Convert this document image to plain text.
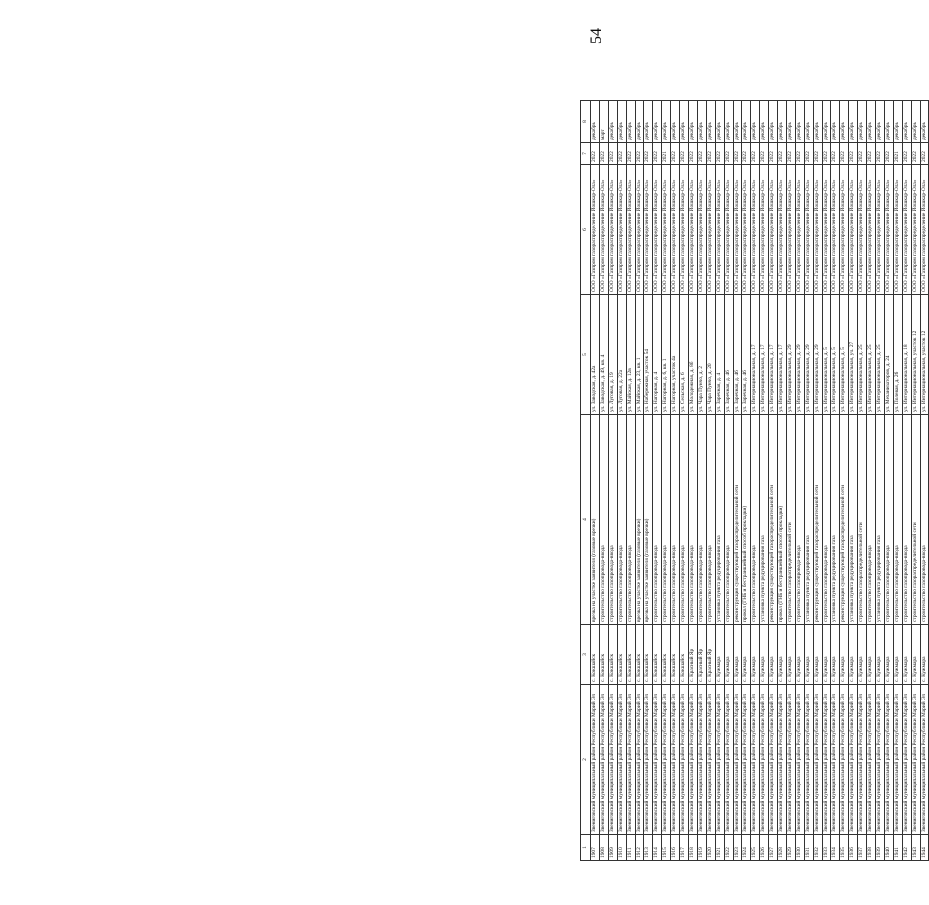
54
1	2	3	4	5	6	7	8
1907	Звениговский муниципальный район Республики Марий Эл	с. Кокшайск	врезка на участке заявителя (газовые врезки)	ул. Заводская, д. 42а	ООО «Газпром газораспределение Йошкар-Ола»	2022	декабрь
1908	Звениговский муниципальный район Республики Марий Эл	с. Кокшайск	строительство газопровода-ввода	ул. Заводская, д. 49, кв. 4	ООО «Газпром газораспределение Йошкар-Ола»	2022	март
1909	Звениговский муниципальный район Республики Марий Эл	с. Кокшайск	строительство газопровода-ввода	ул. Луговая, д. 19	ООО «Газпром газораспределение Йошкар-Ола»	2022	декабрь
1910	Звениговский муниципальный район Республики Марий Эл	с. Кокшайск	строительство газопровода-ввода	ул. Луговая, д. 22а	ООО «Газпром газораспределение Йошкар-Ола»	2022	декабрь
1911	Звениговский муниципальный район Республики Марий Эл	с. Кокшайск	строительство газопровода-ввода	ул. Майская, д. 12в	ООО «Газпром газораспределение Йошкар-Ола»	2022	декабрь
1912	Звениговский муниципальный район Республики Марий Эл	с. Кокшайск	врезка на участке заявителя (газовые врезки)	ул. Майская, д. 23, кв. 1	ООО «Газпром газораспределение Йошкар-Ола»	2022	декабрь
1913	Звениговский муниципальный район Республики Марий Эл	с. Кокшайск	врезка на участке заявителя (газовые врезки)	ул. Набережная, участок 54	ООО «Газпром газораспределение Йошкар-Ола»	2022	декабрь
1914	Звениговский муниципальный район Республики Марий Эл	с. Кокшайск	строительство газопровода-ввода	ул. Нагорная, д. 4	ООО «Газпром газораспределение Йошкар-Ола»	2022	декабрь
1915	Звениговский муниципальный район Республики Марий Эл	с. Кокшайск	строительство газопровода-ввода	ул. Нагорная, д. 6, кв. 1	ООО «Газпром газораспределение Йошкар-Ола»	2021	декабрь
1916	Звениговский муниципальный район Республики Марий Эл	с. Кокшайск	строительство газопровода-ввода	ул. Нагорная, участок 4а	ООО «Газпром газораспределение Йошкар-Ола»	2022	декабрь
1917	Звениговский муниципальный район Республики Марий Эл	с. Кокшайск	строительство газопровода-ввода	ул. Сельская, д. 6	ООО «Газпром газораспределение Йошкар-Ола»	2022	декабрь
1918	Звениговский муниципальный район Республики Марий Эл	с. Красный Яр	строительство газопровода-ввода	ул. Молодежная, д. 8б	ООО «Газпром газораспределение Йошкар-Ола»	2022	декабрь
1919	Звениговский муниципальный район Республики Марий Эл	с. Красный Яр	строительство газопровода-ввода	ул. Чара Пунчо, д. 2	ООО «Газпром газораспределение Йошкар-Ола»	2022	декабрь
1920	Звениговский муниципальный район Республики Марий Эл	с. Красный Яр	строительство газопровода-ввода	ул. Чара Пунчо, д. 20	ООО «Газпром газораспределение Йошкар-Ола»	2022	декабрь
1921	Звениговский муниципальный район Республики Марий Эл	с. Кужмара	установка пункта редуцирования газа	ул. Заречная, д. 4	ООО «Газпром газораспределение Йошкар-Ола»	2022	декабрь
1922	Звениговский муниципальный район Республики Марий Эл	с. Кужмара	строительство газопровода-ввода	ул. Заречная, д. 46	ООО «Газпром газораспределение Йошкар-Ола»	2022	декабрь
1923	Звениговский муниципальный район Республики Марий Эл	с. Кужмара	реконструкция существующей газораспределительной сети	ул. Заречная, д. 46	ООО «Газпром газораспределение Йошкар-Ола»	2022	декабрь
1924	Звениговский муниципальный район Республики Марий Эл	с. Кужмара	прокол (ГНБ и бестраншейный способ прокладки)	ул. Заречная, д. 46	ООО «Газпром газораспределение Йошкар-Ола»	2022	декабрь
1925	Звениговский муниципальный район Республики Марий Эл	с. Кужмара	строительство газопровода-ввода	ул. Интернациональная, д. 17	ООО «Газпром газораспределение Йошкар-Ола»	2022	декабрь
1926	Звениговский муниципальный район Республики Марий Эл	с. Кужмара	установка пункта редуцирования газа	ул. Интернациональная, д. 17	ООО «Газпром газораспределение Йошкар-Ола»	2022	декабрь
1927	Звениговский муниципальный район Республики Марий Эл	с. Кужмара	реконструкция существующей газораспределительной сети	ул. Интернациональная, д. 17	ООО «Газпром газораспределение Йошкар-Ола»	2022	декабрь
1928	Звениговский муниципальный район Республики Марий Эл	с. Кужмара	прокол (ГНБ и бестраншейный способ прокладки)	ул. Интернациональная, д. 17	ООО «Газпром газораспределение Йошкар-Ола»	2022	декабрь
1929	Звениговский муниципальный район Республики Марий Эл	с. Кужмара	строительство газораспределительной сети	ул. Интернациональная, д. 29	ООО «Газпром газораспределение Йошкар-Ола»	2022	декабрь
1930	Звениговский муниципальный район Республики Марий Эл	с. Кужмара	строительство газопровода-ввода	ул. Интернациональная, д. 29	ООО «Газпром газораспределение Йошкар-Ола»	2022	декабрь
1931	Звениговский муниципальный район Республики Марий Эл	с. Кужмара	установка пункта редуцирования газа	ул. Интернациональная, д. 29	ООО «Газпром газораспределение Йошкар-Ола»	2022	декабрь
1932	Звениговский муниципальный район Республики Марий Эл	с. Кужмара	реконструкция существующей газораспределительной сети	ул. Интернациональная, д. 29	ООО «Газпром газораспределение Йошкар-Ола»	2022	декабрь
1933	Звениговский муниципальный район Республики Марий Эл	с. Кужмара	строительство газопровода-ввода	ул. Интернациональная, д. 5	ООО «Газпром газораспределение Йошкар-Ола»	2022	декабрь
1934	Звениговский муниципальный район Республики Марий Эл	с. Кужмара	установка пункта редуцирования газа	ул. Интернациональная, д. 5	ООО «Газпром газораспределение Йошкар-Ола»	2022	декабрь
1935	Звениговский муниципальный район Республики Марий Эл	с. Кужмара	реконструкция существующей газораспределительной сети	ул. Интернациональная, д. 5	ООО «Газпром газораспределение Йошкар-Ола»	2022	декабрь
1936	Звениговский муниципальный район Республики Марий Эл	с. Кужмара	установка пункта редуцирования газа	ул. Интернациональная, уч. 27	ООО «Газпром газораспределение Йошкар-Ола»	2022	декабрь
1937	Звениговский муниципальный район Республики Марий Эл	с. Кужмара	строительство газораспределительной сети	ул. Интернациональная, д. 25	ООО «Газпром газораспределение Йошкар-Ола»	2022	декабрь
1938	Звениговский муниципальный район Республики Марий Эл	с. Кужмара	строительство газопровода-ввода	ул. Интернациональная, д. 25	ООО «Газпром газораспределение Йошкар-Ола»	2022	декабрь
1939	Звениговский муниципальный район Республики Марий Эл	с. Кужмара	установка пункта редуцирования газа	ул. Интернациональная, д. 25	ООО «Газпром газораспределение Йошкар-Ола»	2022	декабрь
1940	Звениговский муниципальный район Республики Марий Эл	с. Кужмара	строительство газопровода-ввода	ул. Механизаторов, д. 24	ООО «Газпром газораспределение Йошкар-Ола»	2022	декабрь
1941	Звениговский муниципальный район Республики Марий Эл	с. Кужмара	строительство газопровода-ввода	ул. Полевая, д. 26	ООО «Газпром газораспределение Йошкар-Ола»	2021	декабрь
1942	Звениговский муниципальный район Республики Марий Эл	с. Кужмара	строительство газопровода-ввода	ул. Интернациональная, д. 18	ООО «Газпром газораспределение Йошкар-Ола»	2022	декабрь
1943	Звениговский муниципальный район Республики Марий Эл	с. Кужмара	строительство газораспределительной сети	ул. Интернациональная, участок 12	ООО «Газпром газораспределение Йошкар-Ола»	2022	декабрь
1944	Звениговский муниципальный район Республики Марий Эл	с. Кужмара	строительство газопровода-ввода	ул. Интернациональная, участок 12	ООО «Газпром газораспределение Йошкар-Ола»	2022	декабрь
